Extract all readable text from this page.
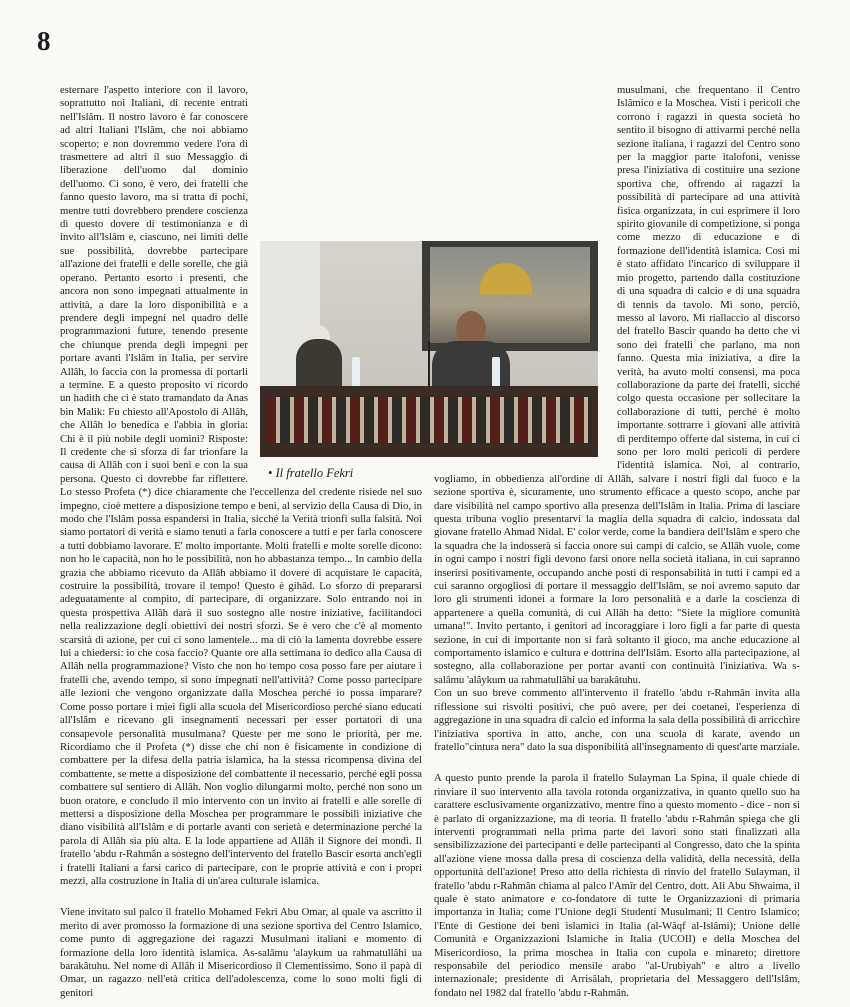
8

esternare l'aspetto interiore con il lavoro, soprattutto noi Italiani, di recente entrati nell'Islâm. Il nostro lavoro è far conoscere ad altri Italiani l'Islâm, che noi abbiamo scoperto; e non dovremmo vedere l'ora di trasmettere ad altri il suo Messaggio di liberazione dell'uomo dal dominio dell'uomo. Ci sono, è vero, dei fratelli che fanno questo lavoro, ma si tratta di pochi, mentre tutti dovrebbero prendere coscienza di questo dovere di testimonianza e di invito all'Islâm e, ciascuno, nei limiti delle sue possibilità, dovrebbe partecipare all'azione dei fratelli e delle sorelle, che già operano. Pertanto esorto i presenti, che ancora non sono impegnati attualmente in attività, a dare la loro disponibilità e a prendere degli impegni nel quadro delle programmazioni future, tenendo presente che chiunque prenda degli impegni per portare avanti l'Islâm in Italia, per servire Allâh, lo faccia con la promessa di portarli a termine. E a questo proposito vi ricordo un hadith che ci è stato tramandato da Anas bin Malik: Fu chiesto all'Apostolo di Allâh, che Allâh lo benedica e l'abbia in gloria: Chi è il più nobile degli uomini? Risposte: Il credente che si sforza di far trionfare la causa di Allâh con i suoi beni e con la sua persona. Questo ci dovrebbe far riflettere. Lo stesso Profeta (*) dice chiaramente che l'eccellenza del credente risiede nel suo impegno, cioè mettere a disposizione tempo e beni, al servizio della Causa di Dio, in modo che l'Islâm possa espandersi in Italia, sicché la Verità trionfi sulla falsità. Noi siamo portatori di verità e siamo tenuti a farla conoscere a tutti e per farla conoscere a tutti dobbiamo lavorare. E' molto importante. Molti fratelli e molte sorelle dicono: non ho le capacità, non ho le possibilità, non ho abbastanza tempo... In cambio della grazia che abbiamo ricevuto da Allâh abbiamo il dovere di acquistare le capacità, costruire la possibilità, trovare il tempo! Questo è gihâd. Lo sforzo di prepararsi adeguatamente al compito, di partecipare, di organizzare. Solo entrando noi in questa prospettiva Allâh darà il suo sostegno alle nostre iniziative, facilitandoci nella realizzazione degli obiettivi dei nostri sforzi. Se è vero che c'è al momento scarsità di azione, per cui ci sono lamentele... ma di ciò la lamenta dovrebbe essere lui a chiedersi: io che cosa faccio? Quante ore alla settimana io dedico alla Causa di Allâh nella programmazione? Visto che non ho tempo cosa posso fare per aiutare i fratelli che, avendo tempo, si sono impegnati nell'attività? Come posso partecipare alle lezioni che vengono organizzate dalla Moschea perché io possa imparare? Come posso portare i miei figli alla scuola del Misericordioso perché siano educati all'Islâm e ricevano gli insegnamenti necessari per esser portatori di una consapevole personalità musulmana? Queste per me sono le priorità, per me. Ricordiamo che il Profeta (*) disse che chi non è fisicamente in condizione di combattere per la difesa della patria islamica, ha la stessa ricompensa divina del combattente, se mette a disposizione del combattente il necessario, perché egli possa combattere sul sentiero di Allâh. Non voglio dilungarmi molto, perché non sono un buon oratore, e concludo il mio intervento con un invito ai fratelli e alle sorelle di mettersi a disposizione della Moschea per programmare le possibili iniziative che diano visibilità all'Islâm e di portarle avanti con serietà e determinazione perché la parola di Allâh sia più alta. E la lode appartiene ad Allâh il Signore dei mondi. Il fratello 'abdu r-Rahmân a sostegno dell'intervento del fratello Bascir esorta anch'egli i fratelli Italiani a farsi carico di partecipare, con le proprie attività e con i propri mezzi, alla costruzione in Italia di un'area culturale islamica.

Viene invitato sul palco il fratello Mohamed Fekri Abu Omar, al quale va ascritto il merito di aver promosso la formazione di una sezione sportiva del Centro Islamico, come punto di aggregazione dei ragazzi Musulmani italiani e momento di formazione della loro identità islamica. As-salâmu 'alaykum ua rahmatullâhi ua barakâtuhu. Nel nome di Allâh il Misericordioso il Clementissimo. Sono il papà di Omar, un ragazzo nell'età critica dell'adolescenza, come lo sono molti figli di genitori

musulmani, che frequentano il Centro Islâmico e la Moschea. Visti i pericoli che corrono i ragazzi in questa società ho sentito il bisogno di attivarmi perché nella sezione italiana, i ragazzi del Centro sono per la maggior parte italofoni, venisse presa l'iniziativa di costituire una sezione sportiva che, offrendo ai ragazzi la possibilità di partecipare ad una attività fisica organizzata, in cui esprimere il loro spirito giovanile di competizione, si ponga come mezzo di educazione e di formazione dell'identità islamica. Così mi è stato affidato l'incarico di sviluppare il mio progetto, partendo dalla costituzione di una squadra di calcio e di una squadra di tennis da tavolo. Mi sono, perciò, messo al lavoro. Mi riallaccio al discorso del fratello Bascir quando ha detto che vi sono dei fratelli che parlano, ma non fanno. Questa mia iniziativa, a dire la verità, ha avuto molti consensi, ma poca collaborazione da parte dei fratelli, sicché colgo questa occasione per sollecitare la collaborazione di tutti, perché è molto importante sottrarre i giovani alle attività di perditempo offerte dal sistema, in cui ci sono per loro molti pericoli di perdere l'identità islamica. Noi, al contrario, vogliamo, in obbedienza all'ordine di Allâh, salvare i nostri figli dal fuoco e la sezione sportiva è, sicuramente, uno strumento efficace a questo scopo, anche par dare visibilità nel campo sportivo alla presenza dell'Islâm in Italia. Prima di lasciare questa tribuna voglio presentarvi la maglia della squadra di calcio, indossata dal giovane fratello Ahmad Nidal. E' color verde, come la bandiera dell'Islâm e spero che la squadra che la indosserà si faccia onore sui campi di calcio, se Allâh vuole, come in ogni campo i nostri figli devono farsi onore nella società italiana, in cui sapranno inserirsi positivamente, occupando anche posti di responsabilità in tutti i campi ed a cui saranno orgogliosi di portare il messaggio dell'Islâm, se noi avremo saputo dar loro gli strumenti idonei a formare la loro personalità e a darle la coscienza di appartenere a quella comunità, di cui Allâh ha detto: "Siete la migliore comunità umana!". Invito pertanto, i genitori ad incoraggiare i loro figli a far parte di questa sezione, in cui di importante non si farà soltanto il gioco, ma anche educazione al comportamento islamico e cultura e dottrina dell'Islâm. Esorto alla partecipazione, al sostegno, alla collaborazione per portar avanti con continuità l'iniziativa. Wa s-salâmu 'alâykum ua rahmatullâhi ua barakâtuhu.

Con un suo breve commento all'intervento il fratello 'abdu r-Rahmân invita alla riflessione sui risvolti positivi, che può avere, per dei coetanei, l'esperienza di aggregazione in una squadra di calcio ed informa la sala della possibilità di arricchire l'iniziativa sportiva in atto, anche, con una scuola di karate, avendo un fratello"cintura nera" dato la sua disponibilità all'insegnamento di quest'arte marziale.

A questo punto prende la parola il fratello Sulayman La Spina, il quale chiede di rinviare il suo intervento alla tavola rotonda organizzativa, in quanto quello suo ha carattere esclusivamente organizzativo, mentre fino a questo momento - dice - non si è parlato di organizzazione, ma di teoria. Il fratello 'abdu r-Rahmân spiega che gli interventi programmati nella prima parte dei lavori sono stati finalizzati alla sensibilizzazione dei partecipanti e delle partecipanti al Congresso, dato che la spinta all'azione viene mossa dalla presa di coscienza della validità, della necessità, della opportunità dell'azione! Preso atto della richiesta di rinvio del fratello Sulayman, il fratello 'abdu r-Rahmân chiama al palco l'Amîr del Centro, dott. Ali Abu Shwaima, il quale è stato animatore e co-fondatore di tutte le Organizzazioni di primaria importanza in Italia; come l'Unione degli Studenti Musulmani; Il Centro Islamico; l'Ente di Gestione dei beni islamici in Italia (al-Wâqf al-Islâmi); Unione delle Comunità e Organizzazioni Islamiche in Italia (UCOII) e della Moschea del Misericordioso, la prima moschea in Italia con cupola e minareto; direttore responsabile del periodico mensile arabo "al-Urubiyah" e altro a livello internazionale; presidente di Arrisâlah, proprietaria del Messaggero dell'Islâm, fondato nel 1982 dal fratello 'abdu r-Rahmân.

• Il fratello Fekri
